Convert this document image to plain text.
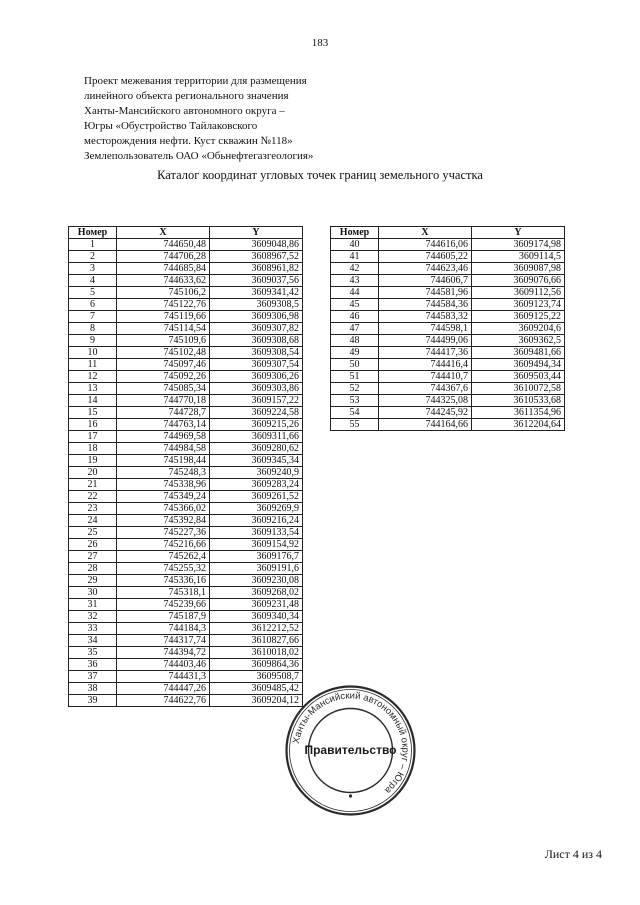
183
Проект межевания территории для размещения
линейного объекта регионального значения
Ханты-Мансийского автономного округа –
Югры «Обустройство Тайлаковского
месторождения нефти. Куст скважин №118»
Землепользователь ОАО «Обьнефтегазгеология»
Каталог координат угловых точек границ земельного участка
Номер	X	Y
1	744650,48	3609048,86
2	744706,28	3608967,52
3	744685,84	3608961,82
4	744633,62	3609037,56
5	745106,2	3609341,42
6	745122,76	3609308,5
7	745119,66	3609306,98
8	745114,54	3609307,82
9	745109,6	3609308,68
10	745102,48	3609308,54
11	745097,46	3609307,54
12	745092,26	3609306,26
13	745085,34	3609303,86
14	744770,18	3609157,22
15	744728,7	3609224,58
16	744763,14	3609215,26
17	744969,58	3609311,66
18	744984,58	3609280,62
19	745198,44	3609345,34
20	745248,3	3609240,9
21	745338,96	3609283,24
22	745349,24	3609261,52
23	745366,02	3609269,9
24	745392,84	3609216,24
25	745227,36	3609133,54
26	745216,66	3609154,92
27	745262,4	3609176,7
28	745255,32	3609191,6
29	745336,16	3609230,08
30	745318,1	3609268,02
31	745239,66	3609231,48
32	745187,9	3609340,34
33	744184,3	3612212,52
34	744317,74	3610827,66
35	744394,72	3610018,02
36	744403,46	3609864,36
37	744431,3	3609508,7
38	744447,26	3609485,42
39	744622,76	3609204,12
Номер	X	Y
40	744616,06	3609174,98
41	744605,22	3609114,5
42	744623,46	3609087,98
43	744606,7	3609076,66
44	744581,96	3609112,56
45	744584,36	3609123,74
46	744583,32	3609125,22
47	744598,1	3609204,6
48	744499,06	3609362,5
49	744417,36	3609481,66
50	744416,4	3609494,34
51	744410,7	3609503,44
52	744367,6	3610072,58
53	744325,08	3610533,68
54	744245,92	3611354,96
55	744164,66	3612204,64
Ханты-Мансийский автономный округ – Югра
Правительство
Лист 4 из 4
